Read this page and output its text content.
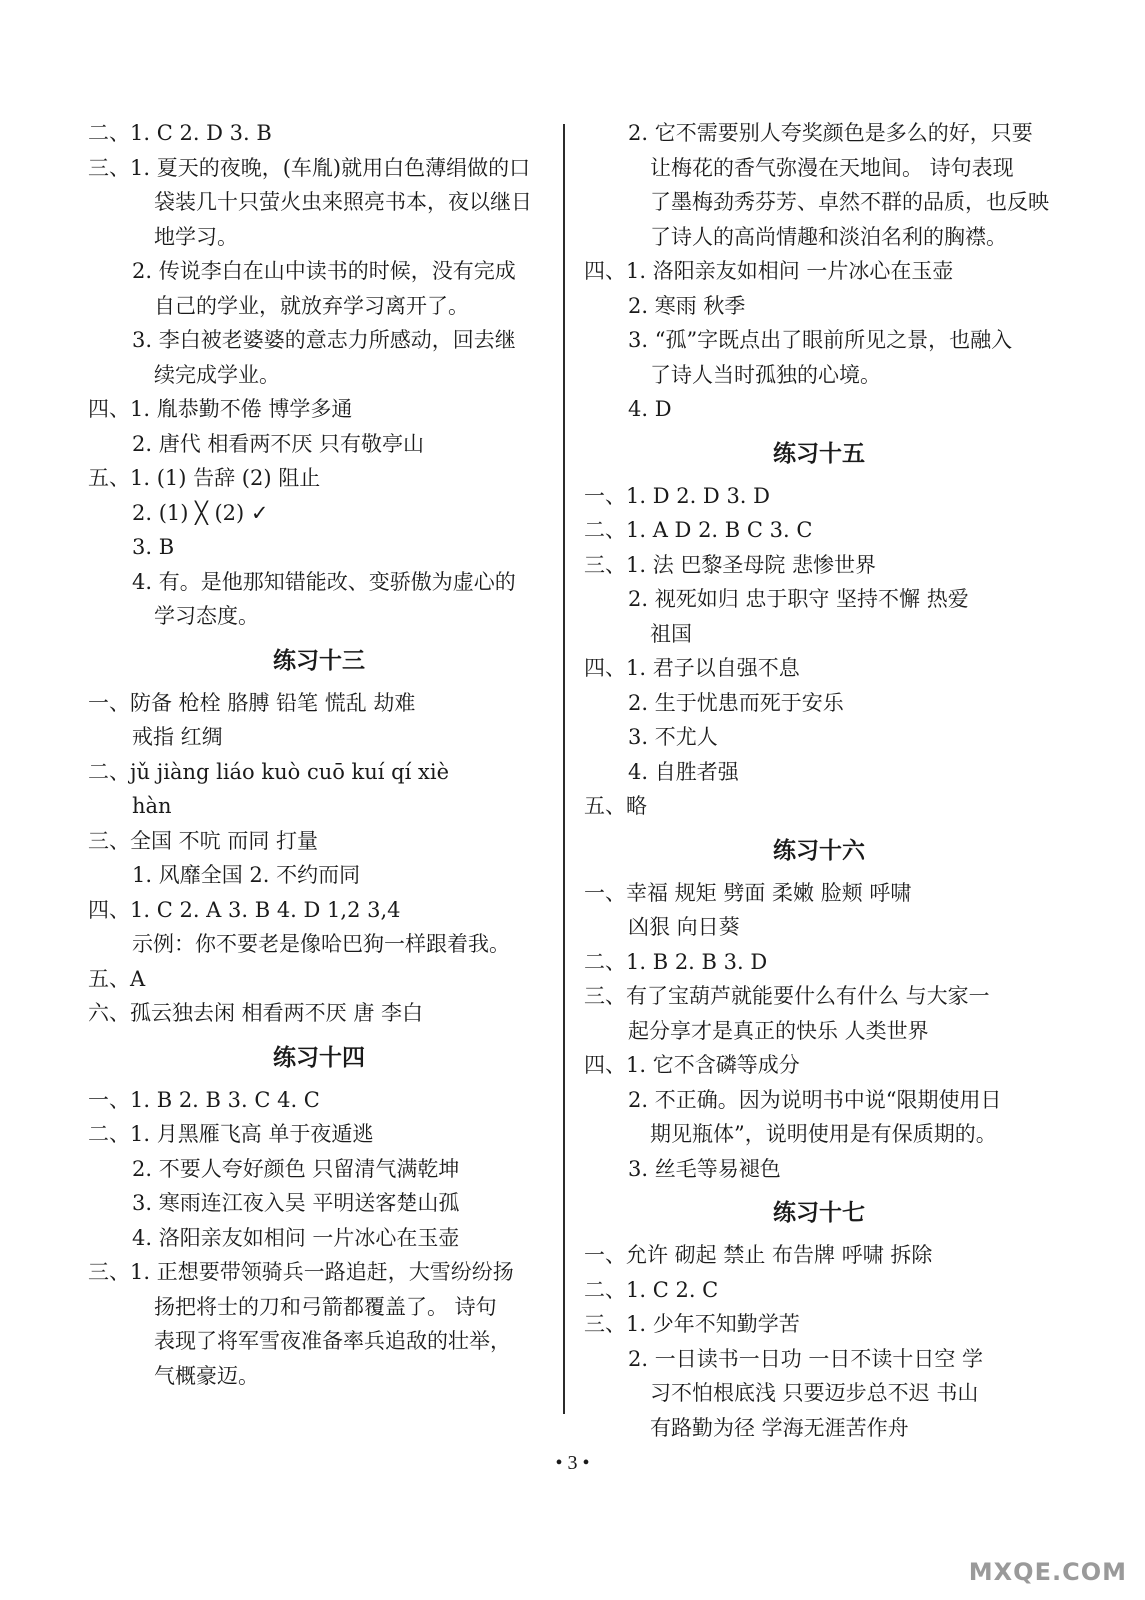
二、1. C 2. D 3. B
三、1. 夏天的夜晚，(车胤)就用白色薄绢做的口
袋装几十只萤火虫来照亮书本，夜以继日
地学习。
2. 传说李白在山中读书的时候，没有完成
自己的学业，就放弃学习离开了。
3. 李白被老婆婆的意志力所感动，回去继
续完成学业。
四、1. 胤恭勤不倦 博学多通
2. 唐代 相看两不厌 只有敬亭山
五、1. (1) 告辞 (2) 阻止
2. (1) ╳ (2) ✓
3. B
4. 有。是他那知错能改、变骄傲为虚心的
学习态度。
练习十三
一、防备 枪栓 胳膊 铅笔 慌乱 劫难
戒指 红绸
二、jǔ jiàng liáo kuò cuō kuí qí xiè
hàn
三、全国 不吭 而同 打量
1. 风靡全国 2. 不约而同
四、1. C 2. A 3. B 4. D 1,2 3,4
示例：你不要老是像哈巴狗一样跟着我。
五、A
六、孤云独去闲 相看两不厌 唐 李白
练习十四
一、1. B 2. B 3. C 4. C
二、1. 月黑雁飞高 单于夜遁逃
2. 不要人夸好颜色 只留清气满乾坤
3. 寒雨连江夜入吴 平明送客楚山孤
4. 洛阳亲友如相问 一片冰心在玉壶
三、1. 正想要带领骑兵一路追赶，大雪纷纷扬
扬把将士的刀和弓箭都覆盖了。 诗句
表现了将军雪夜准备率兵追敌的壮举，
气概豪迈。
2. 它不需要别人夸奖颜色是多么的好，只要
让梅花的香气弥漫在天地间。 诗句表现
了墨梅劲秀芬芳、卓然不群的品质，也反映
了诗人的高尚情趣和淡泊名利的胸襟。
四、1. 洛阳亲友如相问 一片冰心在玉壶
2. 寒雨 秋季
3. “孤”字既点出了眼前所见之景，也融入
了诗人当时孤独的心境。
4. D
练习十五
一、1. D 2. D 3. D
二、1. A D 2. B C 3. C
三、1. 法 巴黎圣母院 悲惨世界
2. 视死如归 忠于职守 坚持不懈 热爱
祖国
四、1. 君子以自强不息
2. 生于忧患而死于安乐
3. 不尤人
4. 自胜者强
五、略
练习十六
一、幸福 规矩 劈面 柔嫩 脸颊 呼啸
凶狠 向日葵
二、1. B 2. B 3. D
三、有了宝葫芦就能要什么有什么 与大家一
起分享才是真正的快乐 人类世界
四、1. 它不含磷等成分
2. 不正确。因为说明书中说“限期使用日
期见瓶体”，说明使用是有保质期的。
3. 丝毛等易褪色
练习十七
一、允许 砌起 禁止 布告牌 呼啸 拆除
二、1. C 2. C
三、1. 少年不知勤学苦
2. 一日读书一日功 一日不读十日空 学
习不怕根底浅 只要迈步总不迟 书山
有路勤为径 学海无涯苦作舟
• 3 •
MXQE.COM
